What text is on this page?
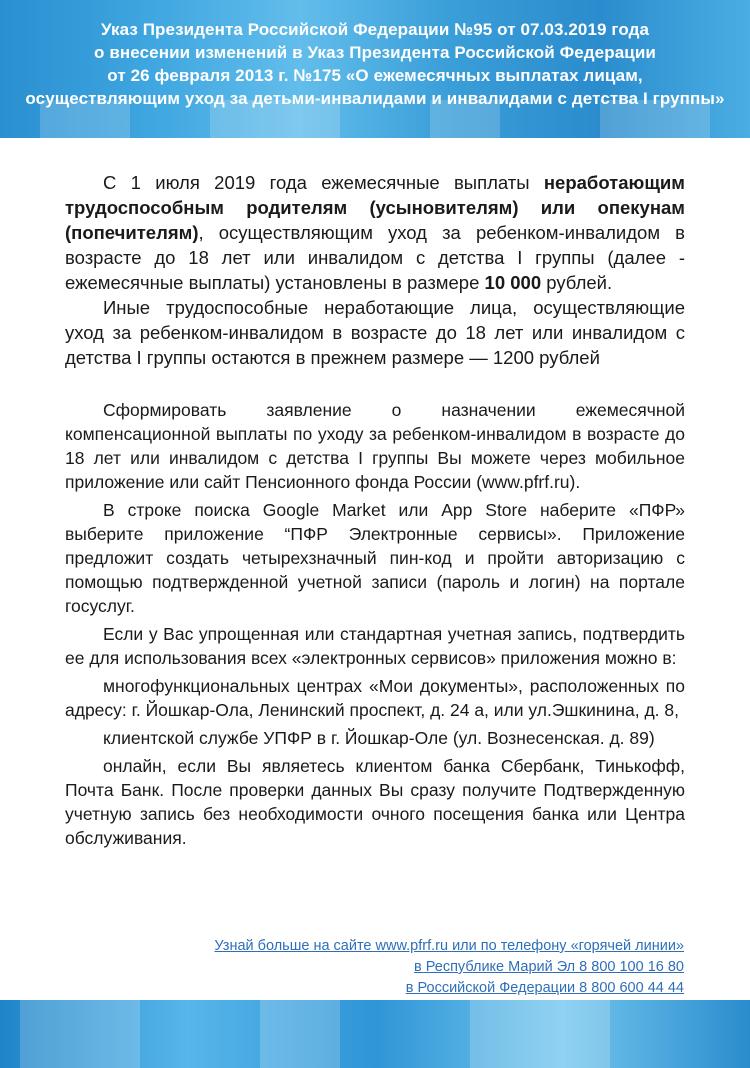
Указ Президента Российской Федерации №95 от 07.03.2019 года
о внесении изменений в Указ Президента Российской Федерации
от 26 февраля 2013 г. №175 «О ежемесячных выплатах лицам,
осуществляющим уход за детьми-инвалидами и инвалидами с детства I группы»

С 1 июля 2019 года ежемесячные выплаты неработающим трудоспособным родителям (усыновителям) или опекунам (попечителям), осуществляющим уход за ребенком-инвалидом в возрасте до 18 лет или инвалидом с детства I группы (далее - ежемесячные выплаты) установлены в размере 10 000 рублей.

Иные трудоспособные неработающие лица, осуществляющие уход за ребенком-инвалидом в возрасте до 18 лет или инвалидом с детства I группы остаются в прежнем размере — 1200 рублей

Сформировать заявление о назначении ежемесячной компенсационной выплаты по уходу за ребенком-инвалидом в возрасте до 18 лет или инвалидом с детства I группы Вы можете через мобильное приложение или сайт Пенсионного фонда России (www.pfrf.ru).

В строке поиска Google Market или App Store наберите «ПФР» выберите приложение “ПФР Электронные сервисы». Приложение предложит создать четырехзначный пин-код и пройти авторизацию с помощью подтвержденной учетной записи (пароль и логин) на портале госуслуг.

Если у Вас упрощенная или стандартная учетная запись, подтвердить ее для использования всех «электронных сервисов» приложения можно в:

многофункциональных центрах «Мои документы», расположенных по адресу: г. Йошкар-Ола, Ленинский проспект, д. 24 а, или ул.Эшкинина, д. 8,

клиентской службе УПФР в г. Йошкар-Оле (ул. Вознесенская. д. 89)

онлайн, если Вы являетесь клиентом банка Сбербанк, Тинькофф, Почта Банк. После проверки данных Вы сразу получите Подтвержденную учетную запись без необходимости очного посещения банка или Центра обслуживания.

Узнай больше на сайте www.pfrf.ru или по телефону «горячей линии»
в Республике Марий Эл 8 800 100 16 80
в Российской Федерации 8 800 600 44 44
